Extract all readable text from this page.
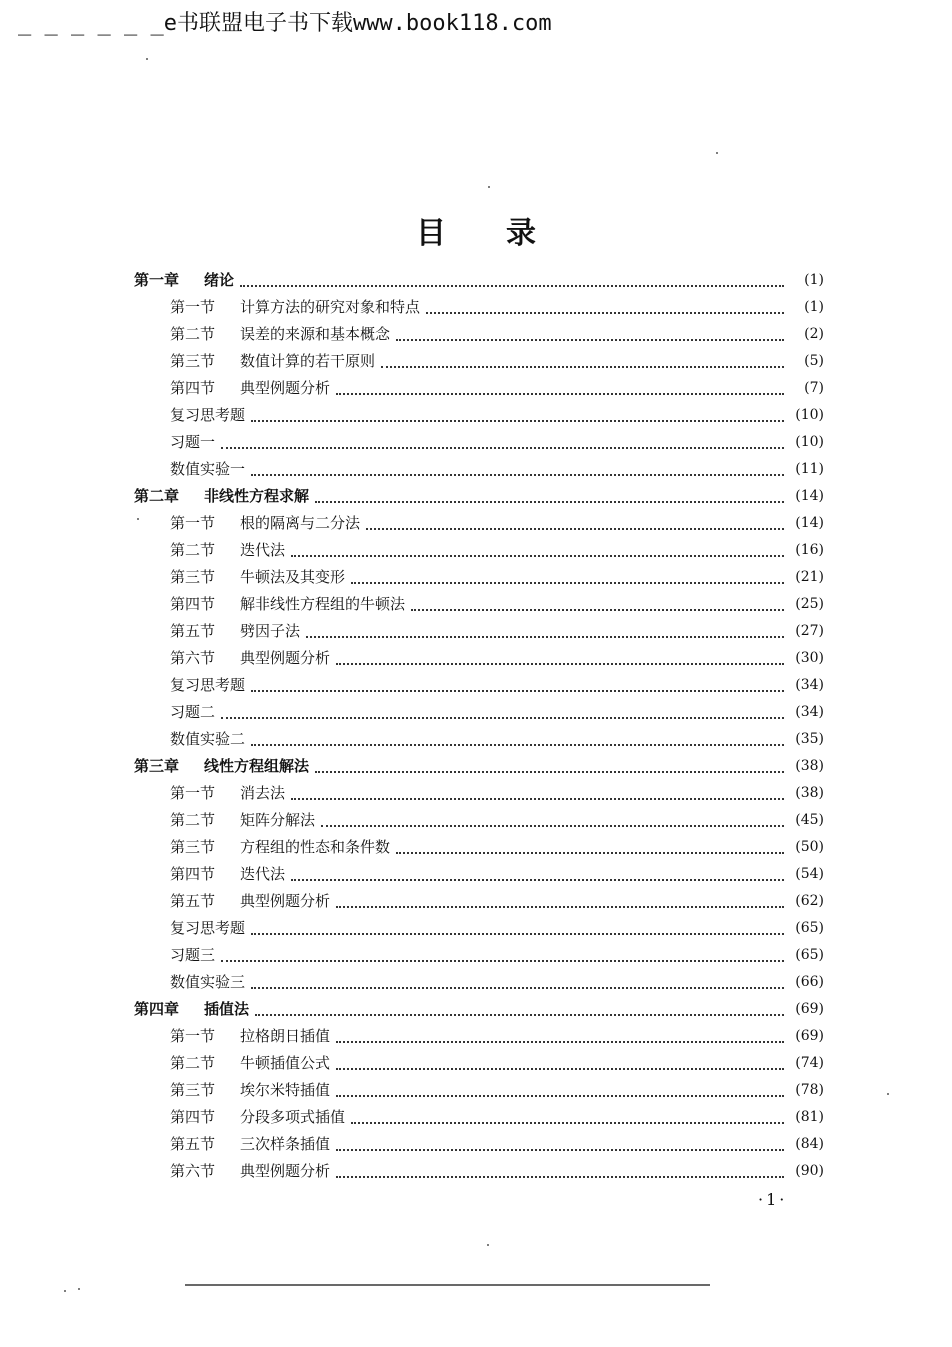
_ _ _ _ _ _e书联盟电子书下载www.book118.com
目录
第一章	绪论	(1)
第一节	计算方法的研究对象和特点	(1)
第二节	误差的来源和基本概念	(2)
第三节	数值计算的若干原则	(5)
第四节	典型例题分析	(7)
复习思考题	(10)
习题一	(10)
数值实验一	(11)
第二章	非线性方程求解	(14)
第一节	根的隔离与二分法	(14)
第二节	迭代法	(16)
第三节	牛顿法及其变形	(21)
第四节	解非线性方程组的牛顿法	(25)
第五节	劈因子法	(27)
第六节	典型例题分析	(30)
复习思考题	(34)
习题二	(34)
数值实验二	(35)
第三章	线性方程组解法	(38)
第一节	消去法	(38)
第二节	矩阵分解法	(45)
第三节	方程组的性态和条件数	(50)
第四节	迭代法	(54)
第五节	典型例题分析	(62)
复习思考题	(65)
习题三	(65)
数值实验三	(66)
第四章	插值法	(69)
第一节	拉格朗日插值	(69)
第二节	牛顿插值公式	(74)
第三节	埃尔米特插值	(78)
第四节	分段多项式插值	(81)
第五节	三次样条插值	(84)
第六节	典型例题分析	(90)
·1·
